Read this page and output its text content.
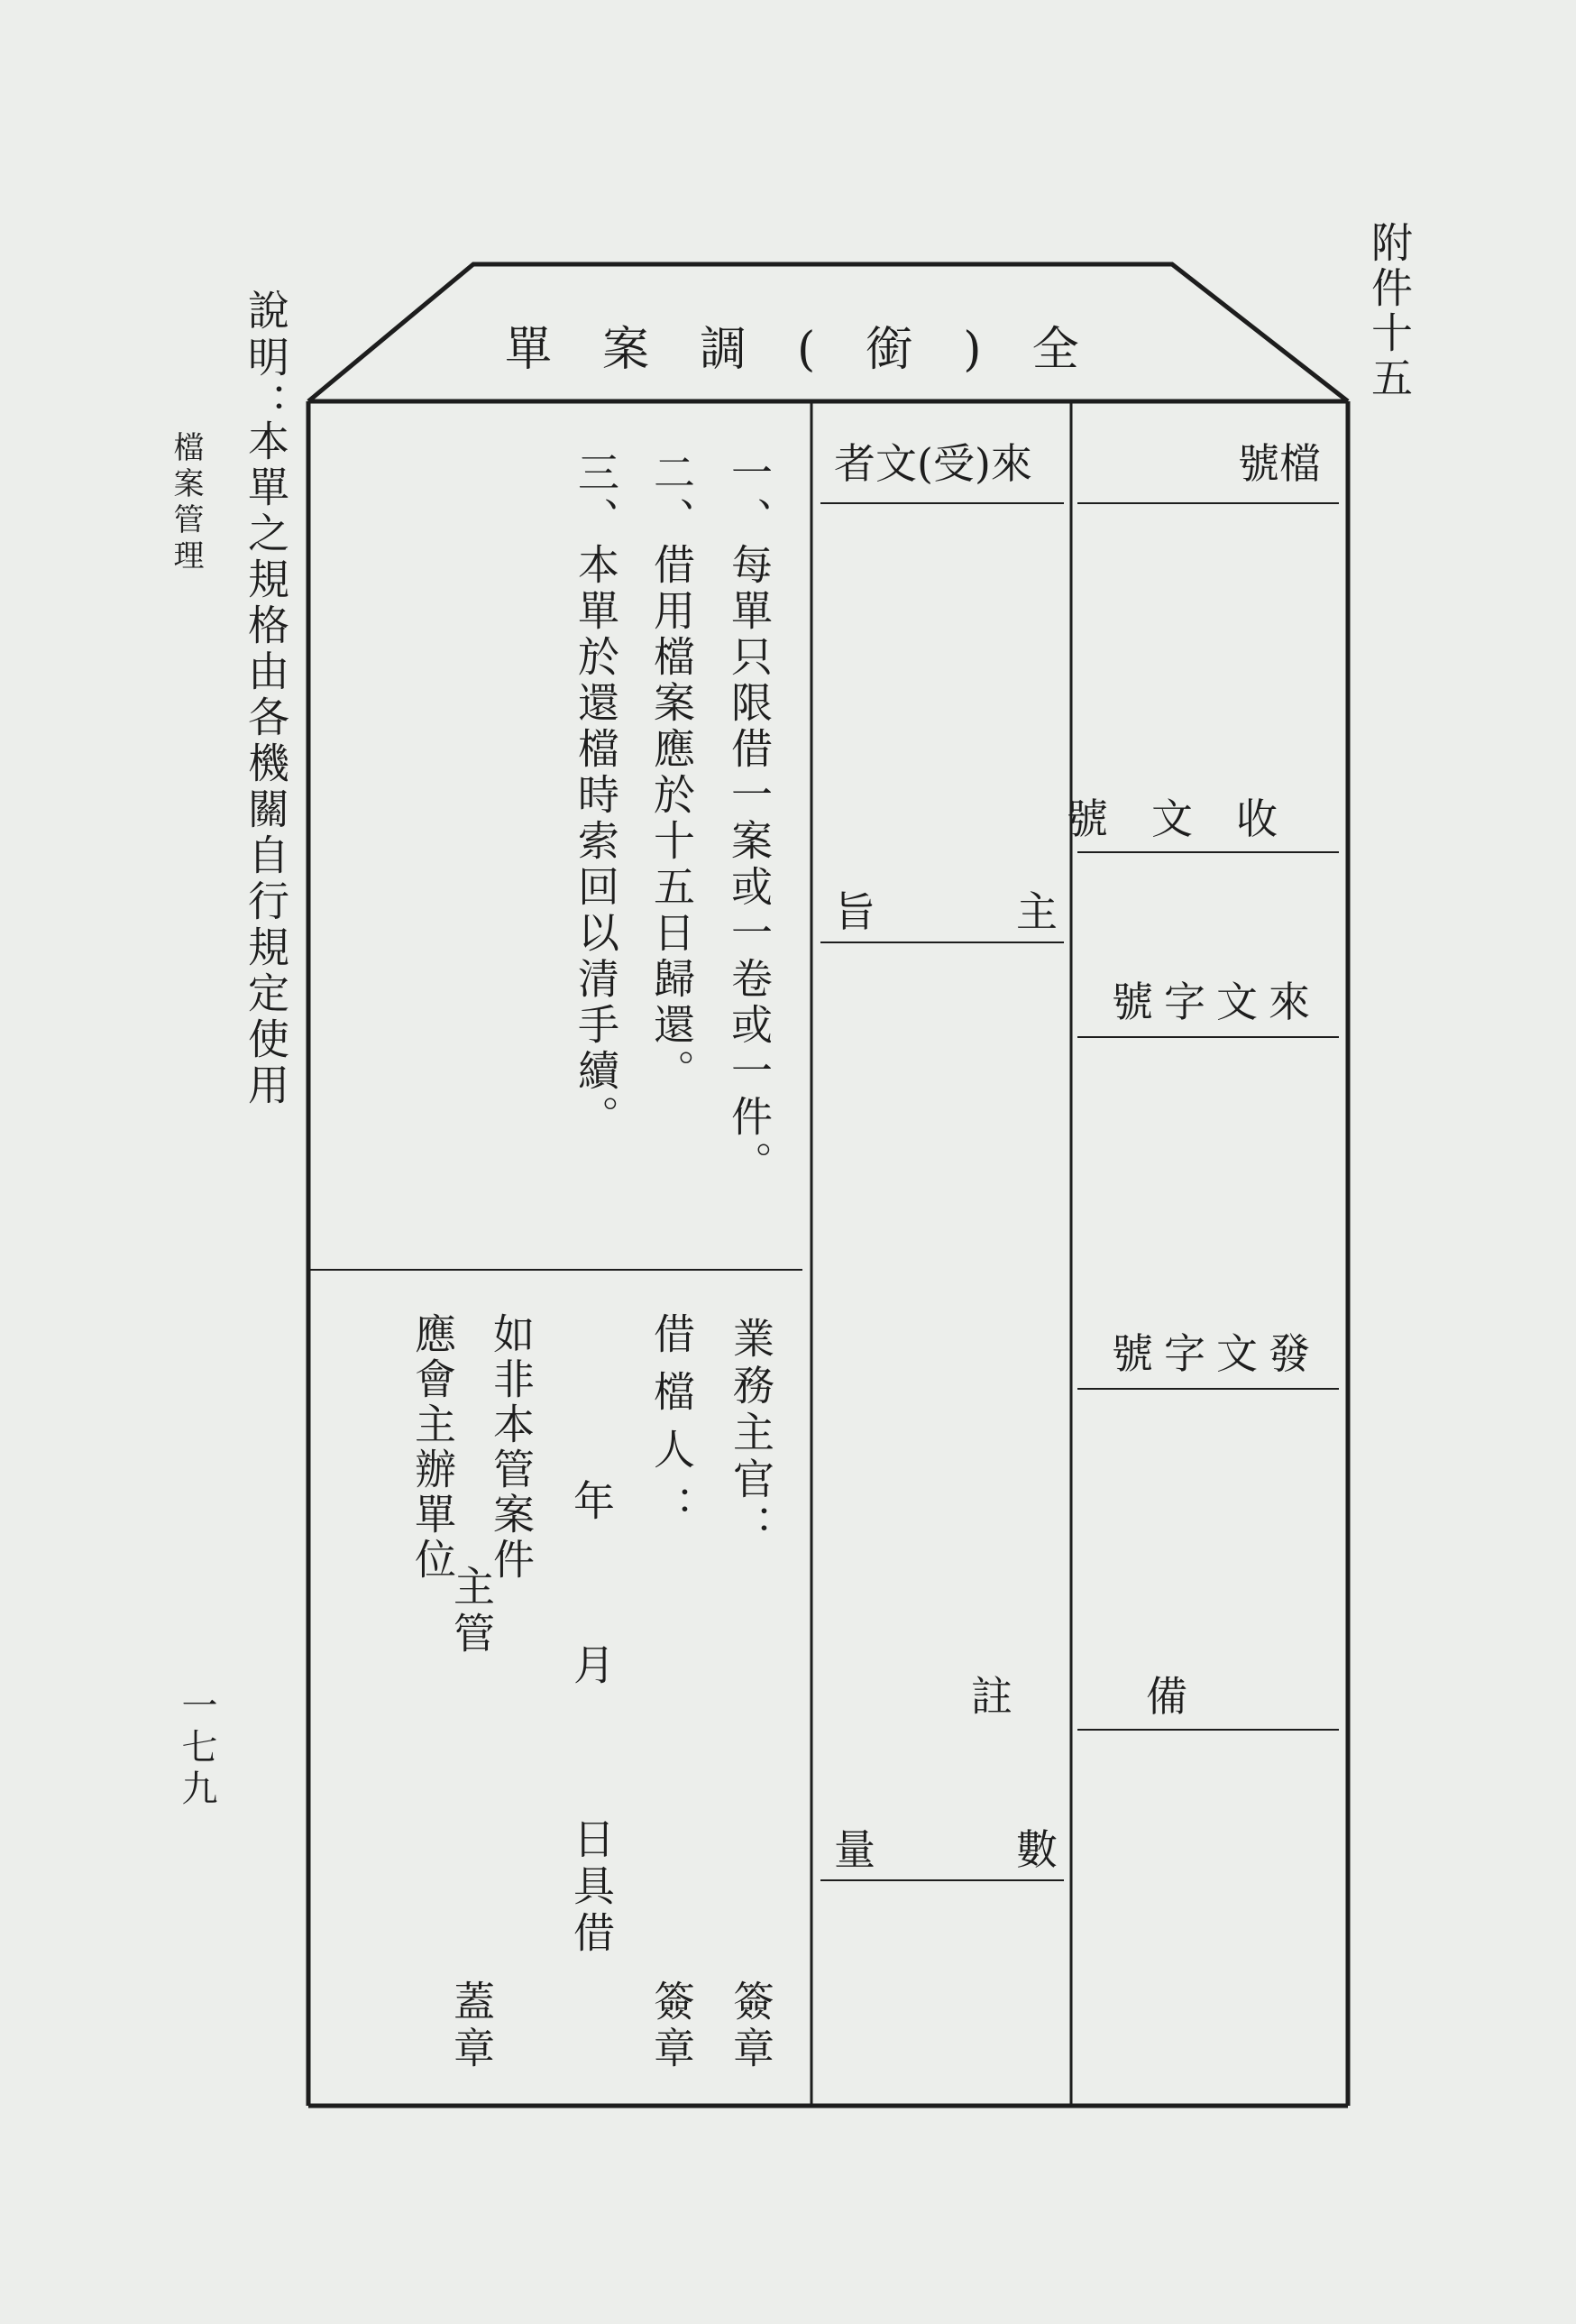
附件十五
全(銜)調案單
說明：
本單之規格由各機關自行規定使用
檔案管理
一七九
檔號
收文號
來文字號
發文字號
備註
來(受)文者
主旨
數量
一、每單只限借一案或一卷或一件。
二、借用檔案應於十五日歸還。
三、本單於還檔時索回以清手續。
業務主官：
簽章
借檔人：
簽章
年
月
日具借
如非本管案件
主管
蓋章
應會主辦單位
